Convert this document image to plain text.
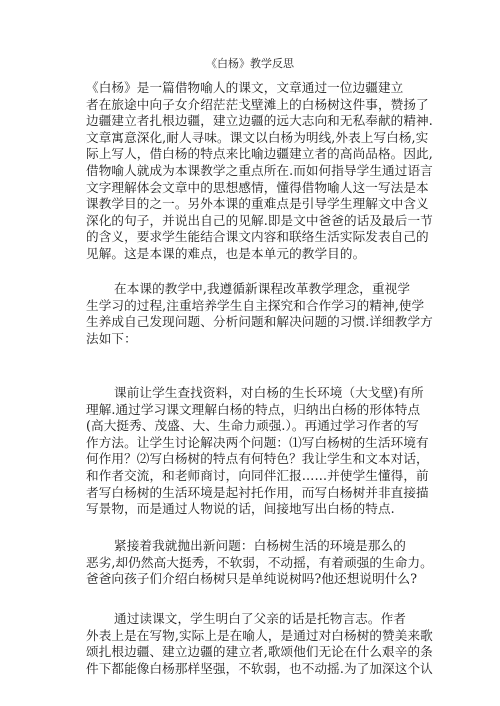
《白杨》教学反思
《白杨》是一篇借物喻人的课文，文章通过一位边疆建立
者在旅途中向子女介绍茫茫戈壁滩上的白杨树这件事，赞扬了
边疆建立者扎根边疆，建立边疆的远大志向和无私奉献的精神.
文章寓意深化,耐人寻味。课文以白杨为明线,外表上写白杨,实
际上写人，借白杨的特点来比喻边疆建立者的高尚品格。因此,
借物喻人就成为本课教学之重点所在.而如何指导学生通过语言
文字理解体会文章中的思想感情，懂得借物喻人这一写法是本
课教学目的之一。另外本课的重难点是引导学生理解文中含义
深化的句子，并说出自己的见解.即是文中爸爸的话及最后一节
的含义，要求学生能结合课文内容和联络生活实际发表自己的
见解。这是本课的难点，也是本单元的教学目的。
在本课的教学中,我遵循新课程改革教学理念，重视学
生学习的过程,注重培养学生自主探究和合作学习的精神,使学
生养成自己发现问题、分析问题和解决问题的习惯.详细教学方
法如下：
课前让学生查找资料，对白杨的生长环境（大戈壁)有所
理解.通过学习课文理解白杨的特点，归纳出白杨的形体特点
(高大挺秀、茂盛、大、生命力顽强.）。再通过学习作者的写
作方法。让学生讨论解决两个问题：⑴写白杨树的生活环境有
何作用？⑵写白杨树的特点有何特色？我让学生和文本对话，
和作者交流，和老师商讨，向同伴汇报……并使学生懂得，前
者写白杨树的生活环境是起衬托作用，而写白杨树并非直接描
写景物，而是通过人物说的话，间接地写出白杨的特点.
紧接着我就抛出新问题：白杨树生活的环境是那么的
恶劣,却仍然高大挺秀，不软弱，不动摇，有着顽强的生命力。
爸爸向孩子们介绍白杨树只是单纯说树吗?他还想说明什么?
通过读课文，学生明白了父亲的话是托物言志。作者
外表上是在写物,实际上是在喻人，是通过对白杨树的赞美来歌
颂扎根边疆、建立边疆的建立者,歌颂他们无论在什么艰辛的条
件下都能像白杨那样坚强，不软弱，也不动摇.为了加深这个认
